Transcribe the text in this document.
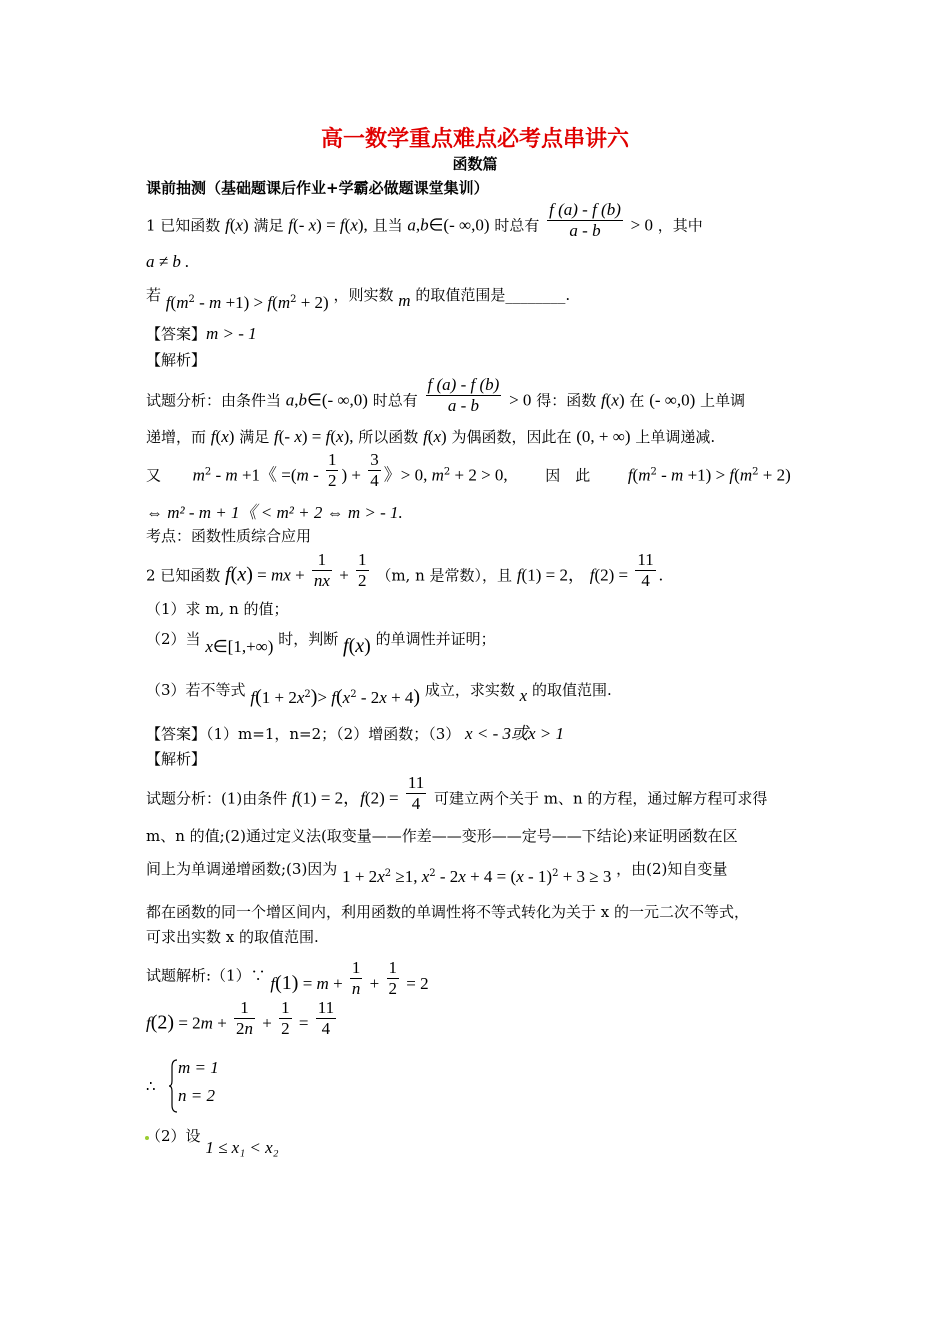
高一数学重点难点必考点串讲六
函数篇
课前抽测（基础题课后作业+学霸必做题课堂集训）
1 已知函数 f(x) 满足 f(- x) = f(x), 且当 a,b∈(- ∞,0) 时总有 $\frac{f (a) - f (b)}{a - b} > 0$ ，其中
a ≠ b .
若 $f(m^2 - m +1) > f(m^2 + 2)$ ，则实数 m 的取值范围是________.
【答案】m > - 1
【解析】
试题分析：由条件当 a,b∈(- ∞,0) 时总有 $\frac{f (a) - f (b)}{a - b} > 0$ 得：函数 f(x) 在 (- ∞,0) 上单调
递增，而 f(x) 满足 f(- x) = f(x), 所以函数 f(x) 为偶函数，因此在 (0, + ∞) 上单调递减.
又 $m^2 - m +1$《 $=(m - \frac{1}{2}$ ) + $\frac{3}{4}$ 》> 0, $m^2 + 2 > 0$,	因　此 $f(m^2 - m +1) > f(m^2 + 2)$
⇔ m² - m + 1《 < m² + 2 ⇔ m > - 1.
考点：函数性质综合应用
2 已知函数 f(x) = mx + $\frac{1}{nx} + \frac{1}{2} (m$, n 是常数），且 f(1) = 2， $f(2) = \frac{11}{4}$ .
（1）求 m, n 的值；
（2）当 x∈[1,+∞) 时，判断 f(x) 的单调性并证明；
（3）若不等式 $f(1 + 2x^2)> f(x^2 - 2x + 4)$ 成立，求实数 x 的取值范围.
【答案】（1）m=1，n=2；（2）增函数；（3） x < - 3或x > 1
【解析】
试题分析：(1)由条件 f(1) = 2，$f(2) = \frac{11}{4}$ 可建立两个关于 m、n 的方程，通过解方程可求得
m、n 的值;(2)通过定义法(取变量——作差——变形——定号——下结论)来证明函数在区
间上为单调递增函数;(3)因为 $1 + 2x^2 \ge 1$, $x^2 - 2x + 4 = (x - 1)^2 + 3 \ge 3$ ，由(2)知自变量
都在函数的同一个增区间内，利用函数的单调性将不等式转化为关于 x 的一元二次不等式，
可求出实数 x 的取值范围.
试题解析:（1）∵ $f(1) = m + \frac{1}{n} + \frac{1}{2} = 2$
$f(2) = 2m + \frac{1}{2n} + \frac{1}{2} = \frac{11}{4}$
∴
m = 1
n = 2
（2）设 1 ≤ x₁ < x₂
